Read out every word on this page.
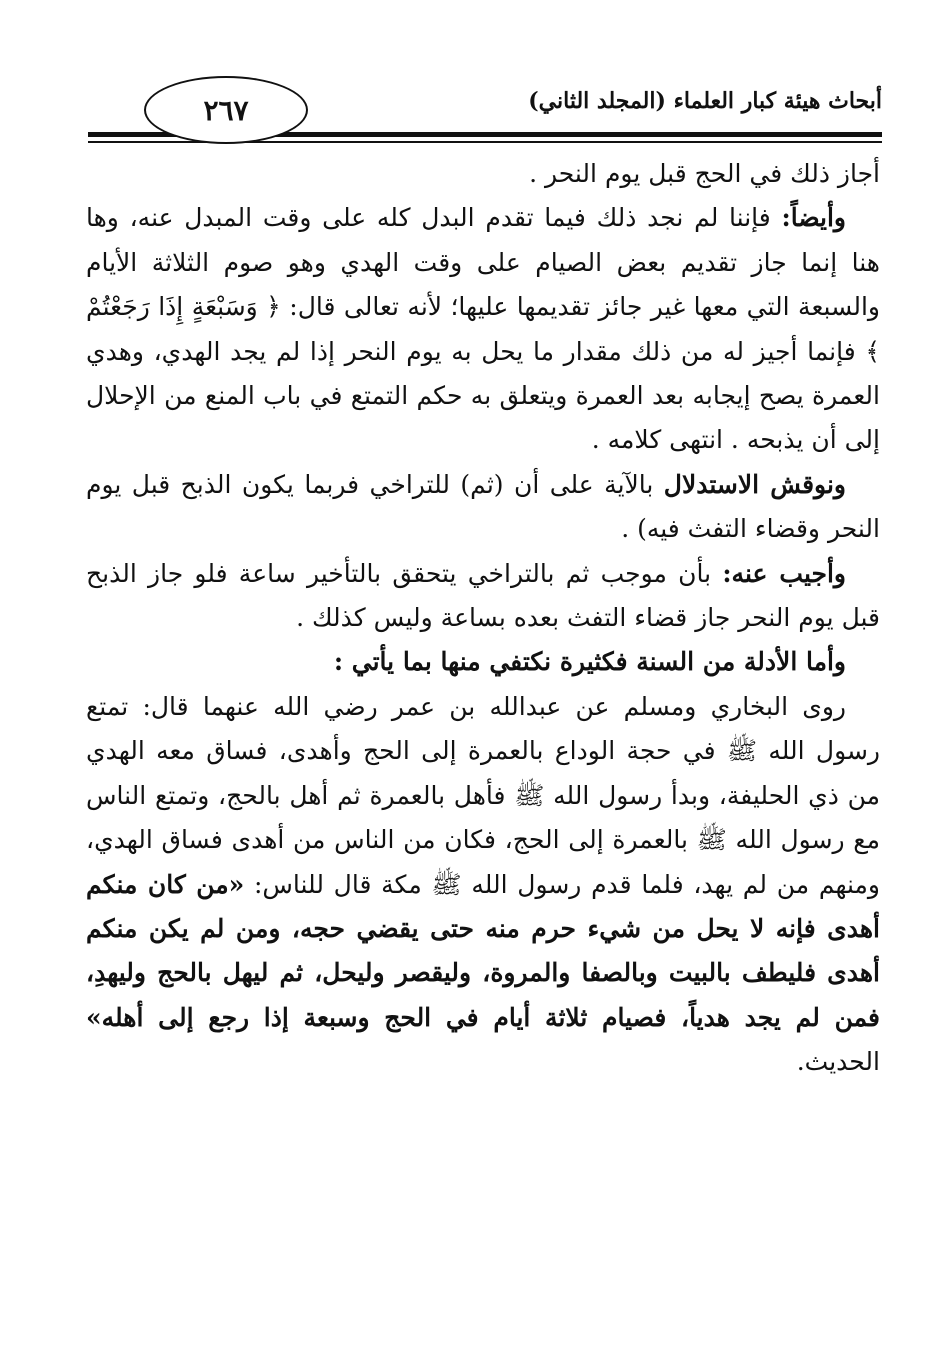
٢٦٧	أبحاث هيئة كبار العلماء (المجلد الثاني)

أجاز ذلك في الحج قبل يوم النحر .

وأيضاً: فإننا لم نجد ذلك فيما تقدم البدل كله على وقت المبدل عنه، وها هنا إنما جاز تقديم بعض الصيام على وقت الهدي وهو صوم الثلاثة الأيام والسبعة التي معها غير جائز تقديمها عليها؛ لأنه تعالى قال: ﴿ وَسَبْعَةٍ إِذَا رَجَعْتُمْ ﴾ فإنما أجيز له من ذلك مقدار ما يحل به يوم النحر إذا لم يجد الهدي، وهدي العمرة يصح إيجابه بعد العمرة ويتعلق به حكم التمتع في باب المنع من الإحلال إلى أن يذبحه . انتهى كلامه .

ونوقش الاستدلال بالآية على أن (ثم) للتراخي فربما يكون الذبح قبل يوم النحر وقضاء التفث فيه) .

وأجيب عنه: بأن موجب ثم بالتراخي يتحقق بالتأخير ساعة فلو جاز الذبح قبل يوم النحر جاز قضاء التفث بعده بساعة وليس كذلك .

وأما الأدلة من السنة فكثيرة نكتفي منها بما يأتي :

روى البخاري ومسلم عن عبدالله بن عمر رضي الله عنهما قال: تمتع رسول الله ﷺ في حجة الوداع بالعمرة إلى الحج وأهدى، فساق معه الهدي من ذي الحليفة، وبدأ رسول الله ﷺ فأهل بالعمرة ثم أهل بالحج، وتمتع الناس مع رسول الله ﷺ بالعمرة إلى الحج، فكان من الناس من أهدى فساق الهدي، ومنهم من لم يهد، فلما قدم رسول الله ﷺ مكة قال للناس: «من كان منكم أهدى فإنه لا يحل من شيء حرم منه حتى يقضي حجه، ومن لم يكن منكم أهدى فليطف بالبيت وبالصفا والمروة، وليقصر وليحل، ثم ليهل بالحج وليهدِ، فمن لم يجد هدياً، فصيام ثلاثة أيام في الحج وسبعة إذا رجع إلى أهله» الحديث.
